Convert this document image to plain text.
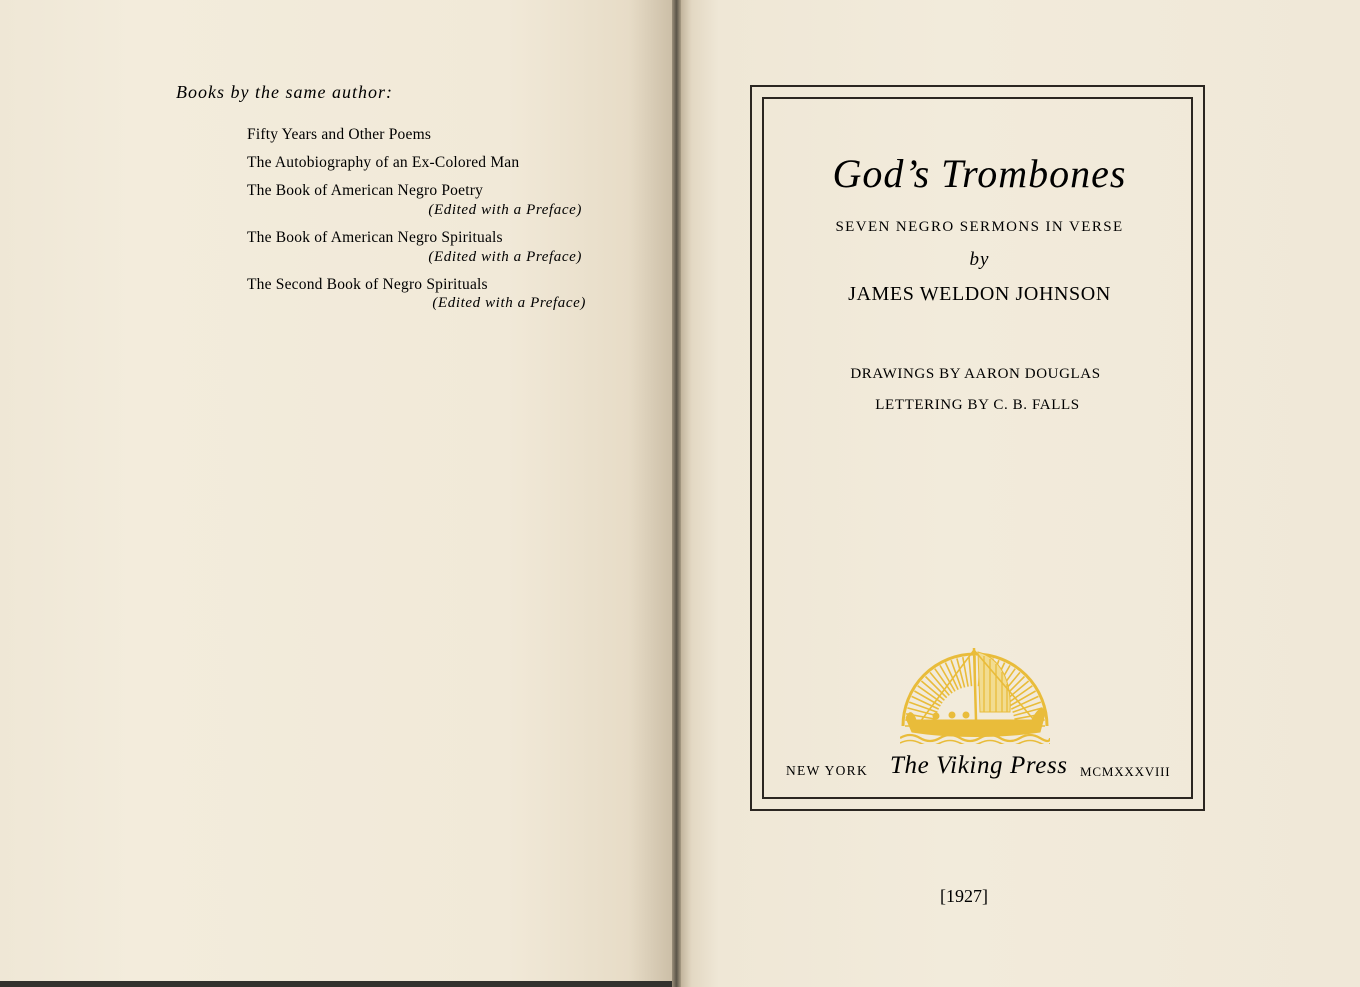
Books by the same author:
Fifty Years and Other Poems
The Autobiography of an Ex-Colored Man
The Book of American Negro Poetry
(Edited with a Preface)
The Book of American Negro Spirituals
(Edited with a Preface)
The Second Book of Negro Spirituals
(Edited with a Preface)
God’s Trombones
SEVEN NEGRO SERMONS IN VERSE
by
JAMES WELDON JOHNSON
DRAWINGS BY AARON DOUGLAS
LETTERING BY C. B. FALLS
NEW YORK The Viking Press MCMXXXVIII
[1927]
